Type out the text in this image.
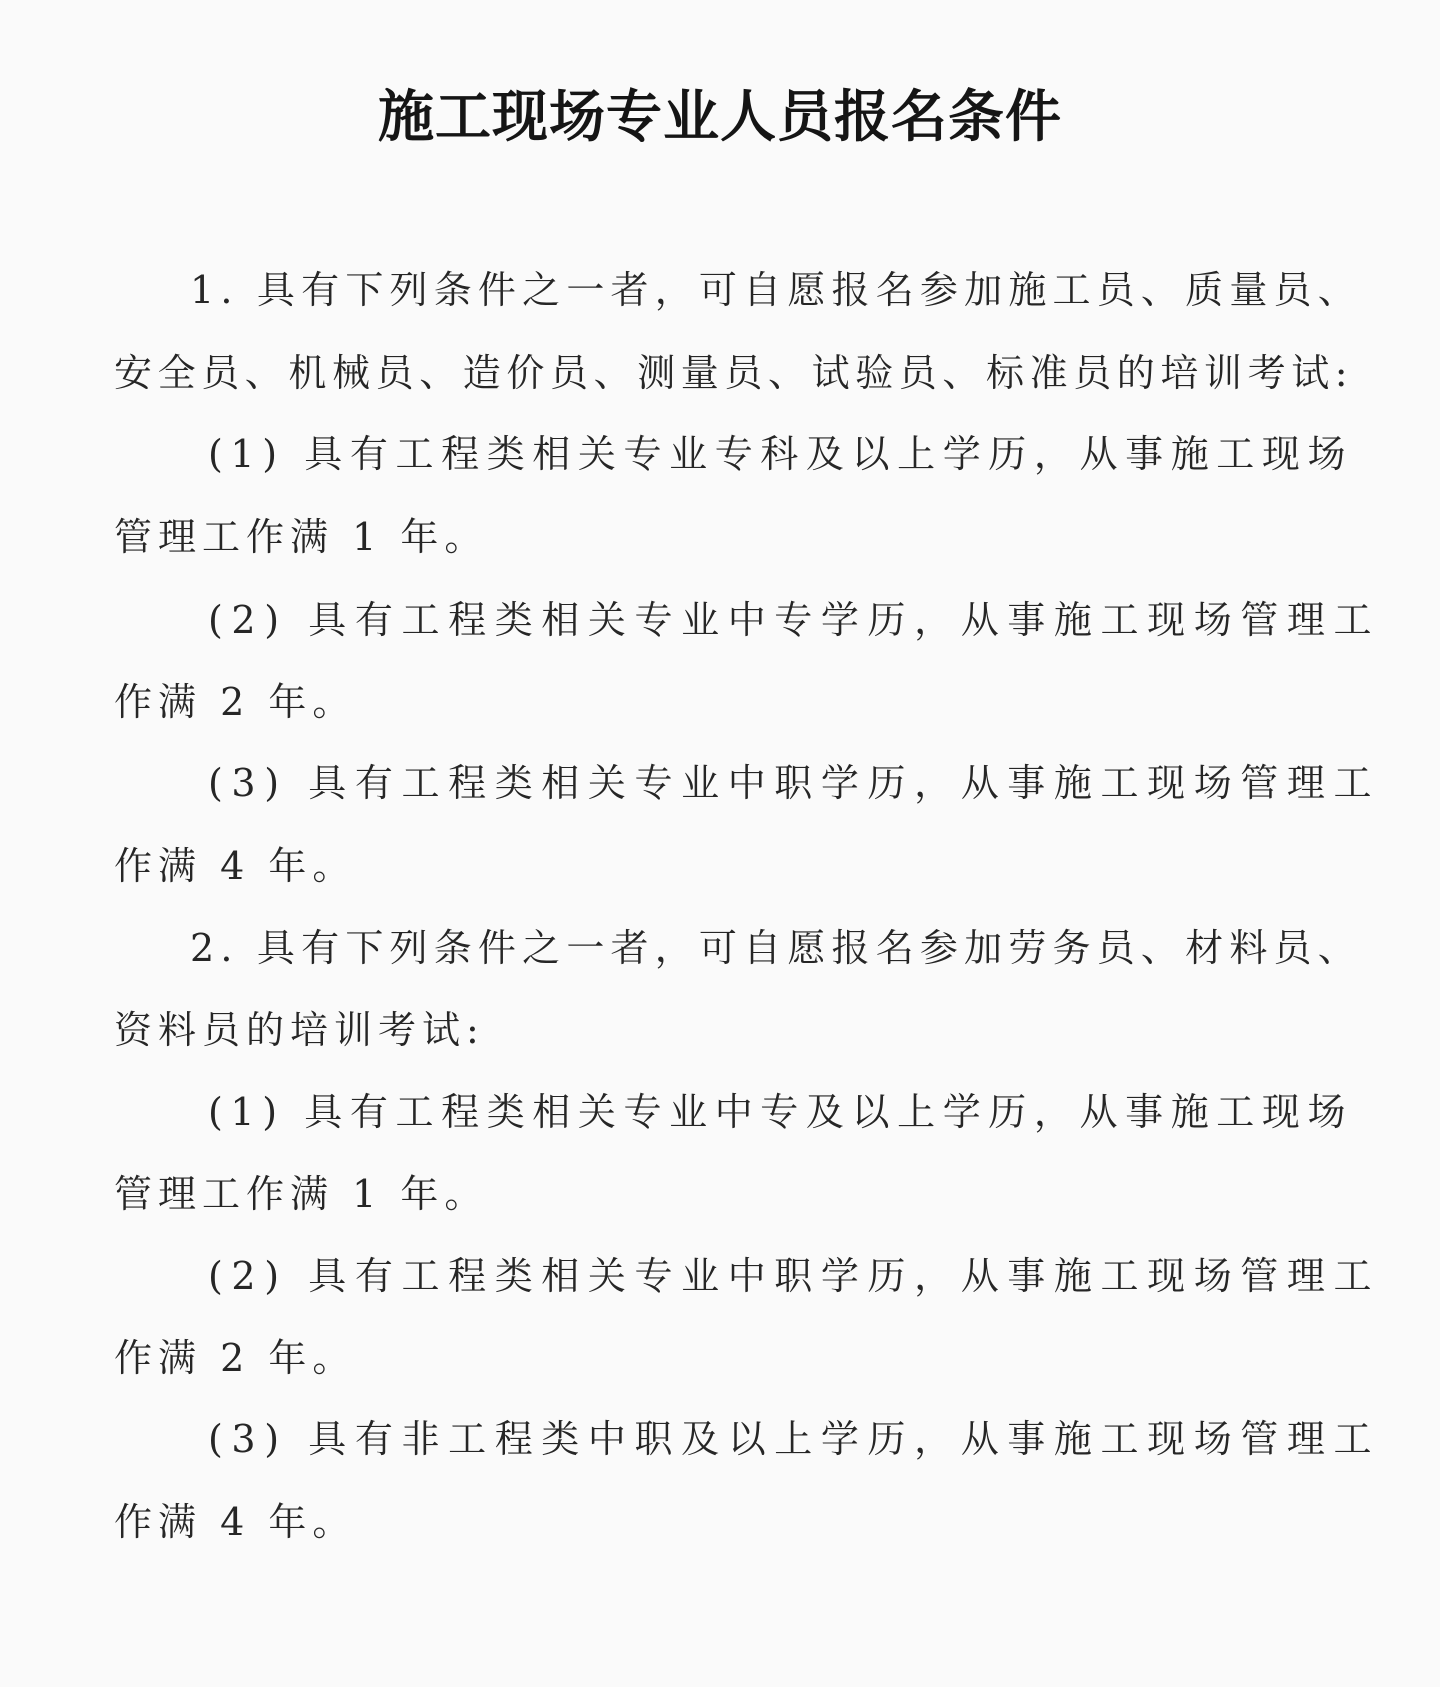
施工现场专业人员报名条件
1. 具有下列条件之一者，可自愿报名参加施工员、质量员、
安全员、机械员、造价员、测量员、试验员、标准员的培训考试:
(1) 具有工程类相关专业专科及以上学历，从事施工现场
管理工作满 1 年。
(2) 具有工程类相关专业中专学历，从事施工现场管理工
作满 2 年。
(3) 具有工程类相关专业中职学历，从事施工现场管理工
作满 4 年。
2. 具有下列条件之一者，可自愿报名参加劳务员、材料员、
资料员的培训考试:
(1) 具有工程类相关专业中专及以上学历，从事施工现场
管理工作满 1 年。
(2) 具有工程类相关专业中职学历，从事施工现场管理工
作满 2 年。
(3) 具有非工程类中职及以上学历，从事施工现场管理工
作满 4 年。
